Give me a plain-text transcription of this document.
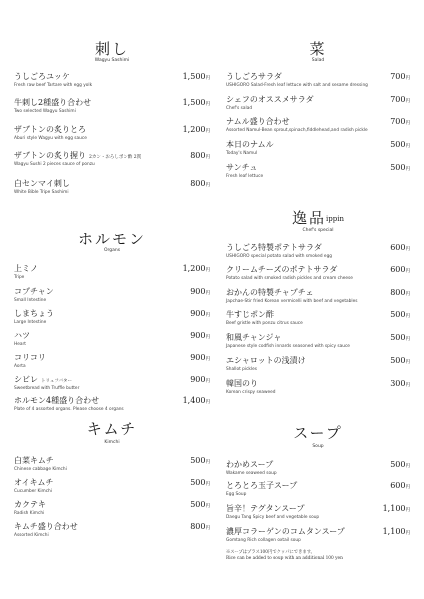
刺し
Wagyu Sashimi
うしごろユッケ	1,500円
Fresh raw beef Tartare with egg yolk
牛刺し2種盛り合わせ	1,500円
Two selected Wagyu Sashimi
ザブトンの炙りとろ	1,200円
Aburi style Wagyu with egg sauce
ザブトンの炙り握り 2カン・おろしポン酢 2貫	800円
Wagyu Sushi 2 pieces sauce of ponzu
白センマイ刺し	800円
White Bible Tripe Sashimi
ホルモン
Organs
上ミノ	1,200円
Tripe
コプチャン	900円
Small Intestine
しまちょう	900円
Large Intestine
ハツ	900円
Heart
コリコリ	900円
Aorta
シビレ トリュフバター	900円
Sweetbread with Truffle butter
ホルモン4種盛り合わせ	1,400円
Plate of 4 assorted organs. Please choose 4 organs
キムチ
Kimchi
白菜キムチ	500円
Chinese cabbage Kimchi
オイキムチ	500円
Cucumber Kimchi
カクテキ	500円
Radish Kimchi
キムチ盛り合わせ	800円
Assorted Kimchi
菜
Salad
うしごろサラダ	700円
USHIGORO Salad-Fresh leaf lettuce with salt and sesame dressing
シェフのオススメサラダ	700円
Chef's salad
ナムル盛り合わせ	700円
Assorted Namul-Bean sprout,spinach,fiddlehead,and radish pickle
本日のナムル	500円
Today's Namul
サンチュ	500円
Fresh leaf lettuce
逸品ippin
Chef's special
うしごろ特製ポテトサラダ	600円
USHIGORO special potato salad with smoked egg
クリームチーズのポテトサラダ	600円
Potato salad with smoked radish pickles and cream cheese
おかんの特製チャプチェ	800円
Japchae-Stir fried Korean vermicelli with beef and vegetables
牛すじポン酢	500円
Beef gristle with ponzu citrus sauce
和風チャンジャ	500円
Japanese style codfish innards seasoned with spicy sauce
エシャロットの浅漬け	500円
Shallot pickles
韓国のり	300円
Korean crispy seaweed
スープ
Soup
わかめスープ	500円
Wakame seaweed soup
とろとろ玉子スープ	600円
Egg Soup
旨辛！テグタンスープ	1,100円
Daegu Tang Spicy beef and vegetable soup
濃厚コラーゲンのコムタンスープ	1,100円
Gomtang Rich collagen oxtail soup
※スープはプラス100円でクッパにできます。
Rice can be added to soup with an additional 100 yen
